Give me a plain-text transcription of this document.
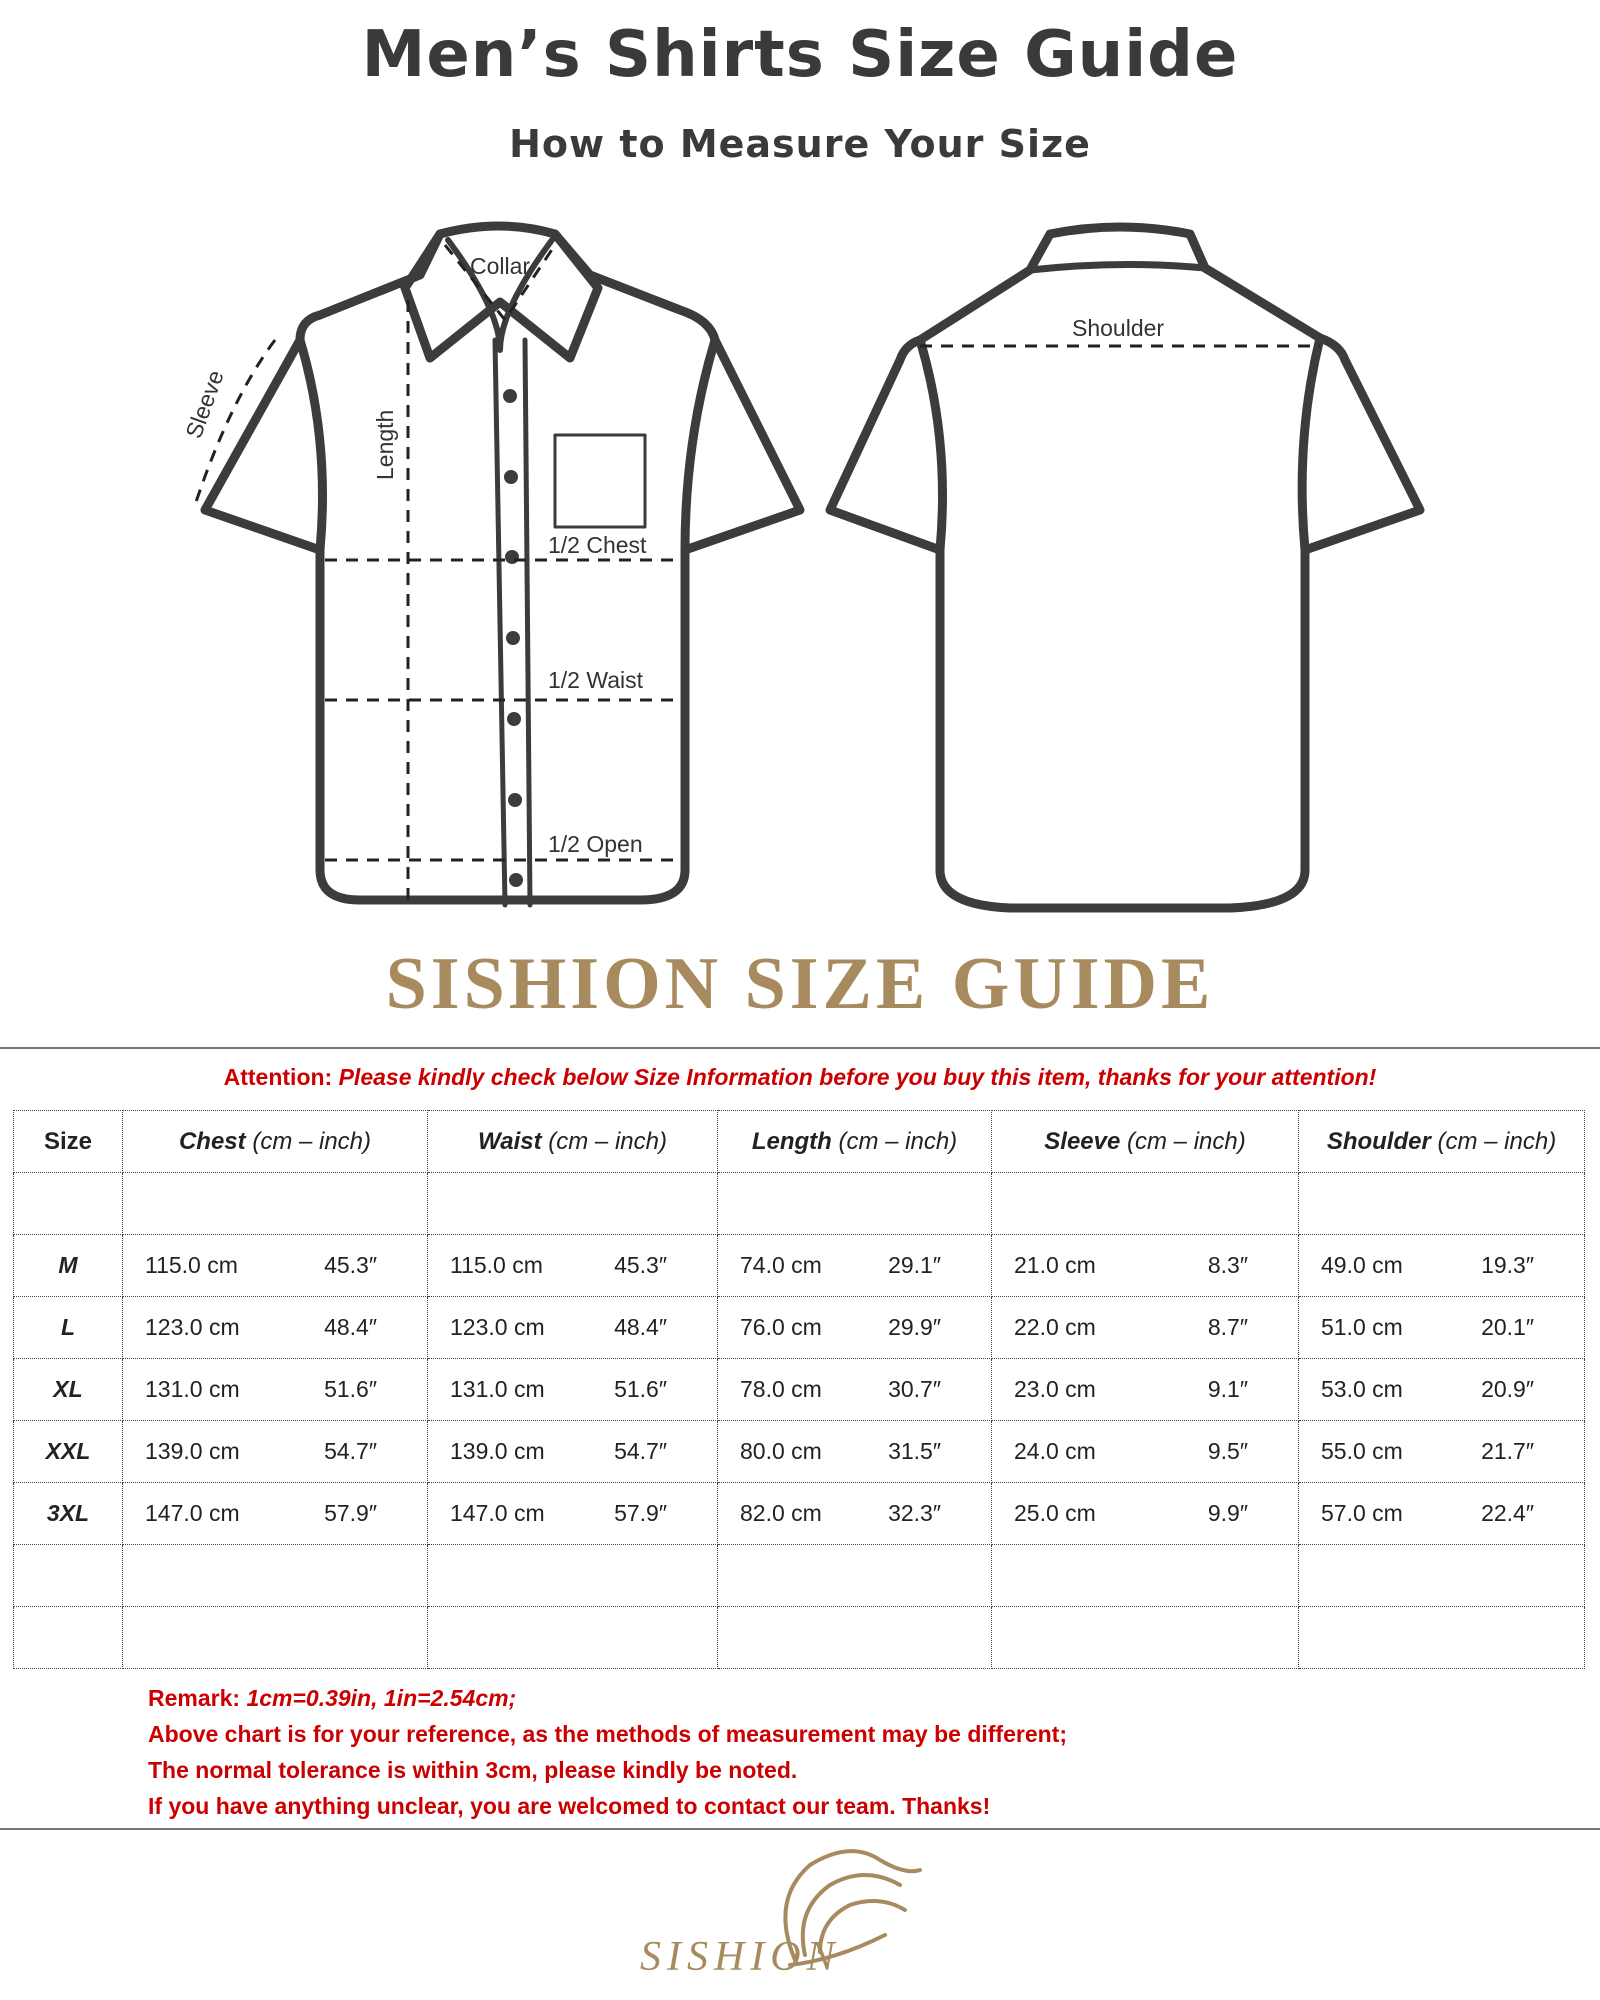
Men’s Shirts Size Guide
How to Measure Your Size
Collar
Length
Sleeve
1/2 Chest
1/2 Waist
1/2 Open
Shoulder
SISHION SIZE GUIDE
Attention: Please kindly check below Size Information before you buy this item, thanks for your attention!
Size	Chest (cm – inch)	Waist (cm – inch)	Length (cm – inch)	Sleeve (cm – inch)	Shoulder (cm – inch)

M	115.0 cm 45.3″	115.0 cm 45.3″	74.0 cm 29.1″	21.0 cm 8.3″	49.0 cm 19.3″

L	123.0 cm 48.4″	123.0 cm 48.4″	76.0 cm 29.9″	22.0 cm 8.7″	51.0 cm 20.1″

XL	131.0 cm 51.6″	131.0 cm 51.6″	78.0 cm 30.7″	23.0 cm 9.1″	53.0 cm 20.9″

XXL	139.0 cm 54.7″	139.0 cm 54.7″	80.0 cm 31.5″	24.0 cm 9.5″	55.0 cm 21.7″

3XL	147.0 cm 57.9″	147.0 cm 57.9″	82.0 cm 32.3″	25.0 cm 9.9″	57.0 cm 22.4″

Remark: 1cm=0.39in, 1in=2.54cm;
Above chart is for your reference, as the methods of measurement may be different;
The normal tolerance is within 3cm, please kindly be noted.
If you have anything unclear, you are welcomed to contact our team. Thanks!
SISHION
